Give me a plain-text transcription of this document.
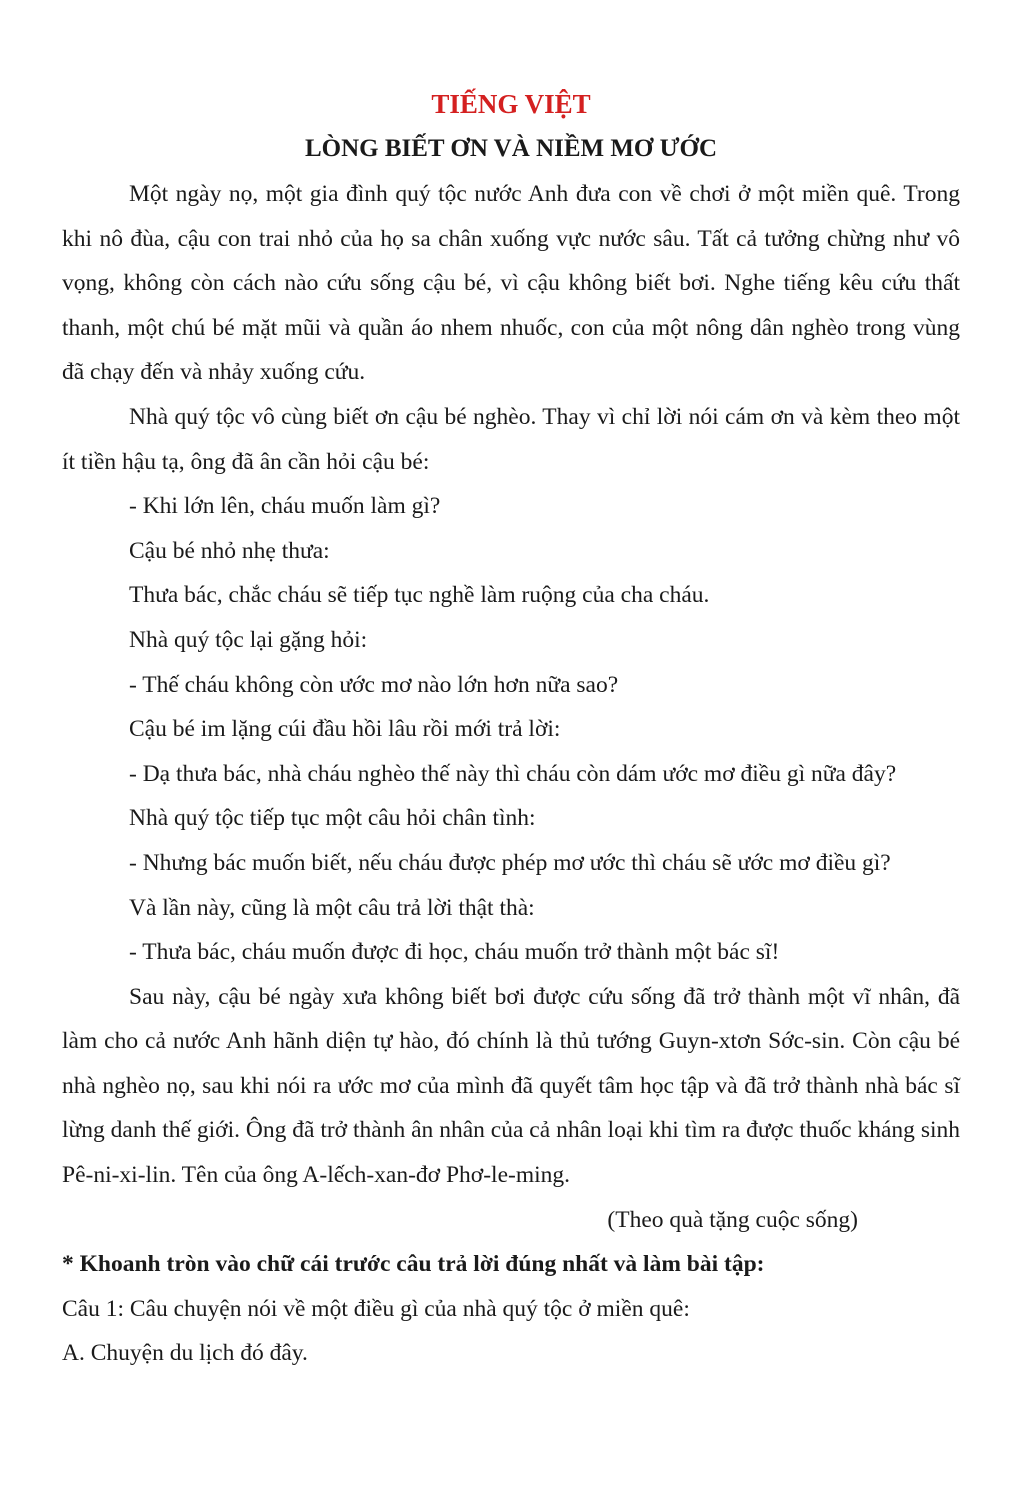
TIẾNG VIỆT
LÒNG BIẾT ƠN VÀ NIỀM MƠ ƯỚC

Một ngày nọ, một gia đình quý tộc nước Anh đưa con về chơi ở một miền quê. Trong khi nô đùa, cậu con trai nhỏ của họ sa chân xuống vực nước sâu. Tất cả tưởng chừng như vô vọng, không còn cách nào cứu sống cậu bé, vì cậu không biết bơi. Nghe tiếng kêu cứu thất thanh, một chú bé mặt mũi và quần áo nhem nhuốc, con của một nông dân nghèo trong vùng đã chạy đến và nhảy xuống cứu.

Nhà quý tộc vô cùng biết ơn cậu bé nghèo. Thay vì chỉ lời nói cám ơn và kèm theo một ít tiền hậu tạ, ông đã ân cần hỏi cậu bé:

- Khi lớn lên, cháu muốn làm gì?

Cậu bé nhỏ nhẹ thưa:

Thưa bác, chắc cháu sẽ tiếp tục nghề làm ruộng của cha cháu.

Nhà quý tộc lại gặng hỏi:

- Thế cháu không còn ước mơ nào lớn hơn nữa sao?

Cậu bé im lặng cúi đầu hồi lâu rồi mới trả lời:

- Dạ thưa bác, nhà cháu nghèo thế này thì cháu còn dám ước mơ điều gì nữa đây?

Nhà quý tộc tiếp tục một câu hỏi chân tình:

- Nhưng bác muốn biết, nếu cháu được phép mơ ước thì cháu sẽ ước mơ điều gì?

Và lần này, cũng là một câu trả lời thật thà:

- Thưa bác, cháu muốn được đi học, cháu muốn trở thành một bác sĩ!

Sau này, cậu bé ngày xưa không biết bơi được cứu sống đã trở thành một vĩ nhân, đã làm cho cả nước Anh hãnh diện tự hào, đó chính là thủ tướng Guyn-xtơn Sớc-sin. Còn cậu bé nhà nghèo nọ, sau khi nói ra ước mơ của mình đã quyết tâm học tập và đã trở thành nhà bác sĩ lừng danh thế giới. Ông đã trở thành ân nhân của cả nhân loại khi tìm ra được thuốc kháng sinh Pê-ni-xi-lin. Tên của ông A-lếch-xan-đơ Phơ-le-ming.

(Theo quà tặng cuộc sống)

* Khoanh tròn vào chữ cái trước câu trả lời đúng nhất và làm bài tập:

Câu 1: Câu chuyện nói về một điều gì của nhà quý tộc ở miền quê:

A. Chuyện du lịch đó đây.
